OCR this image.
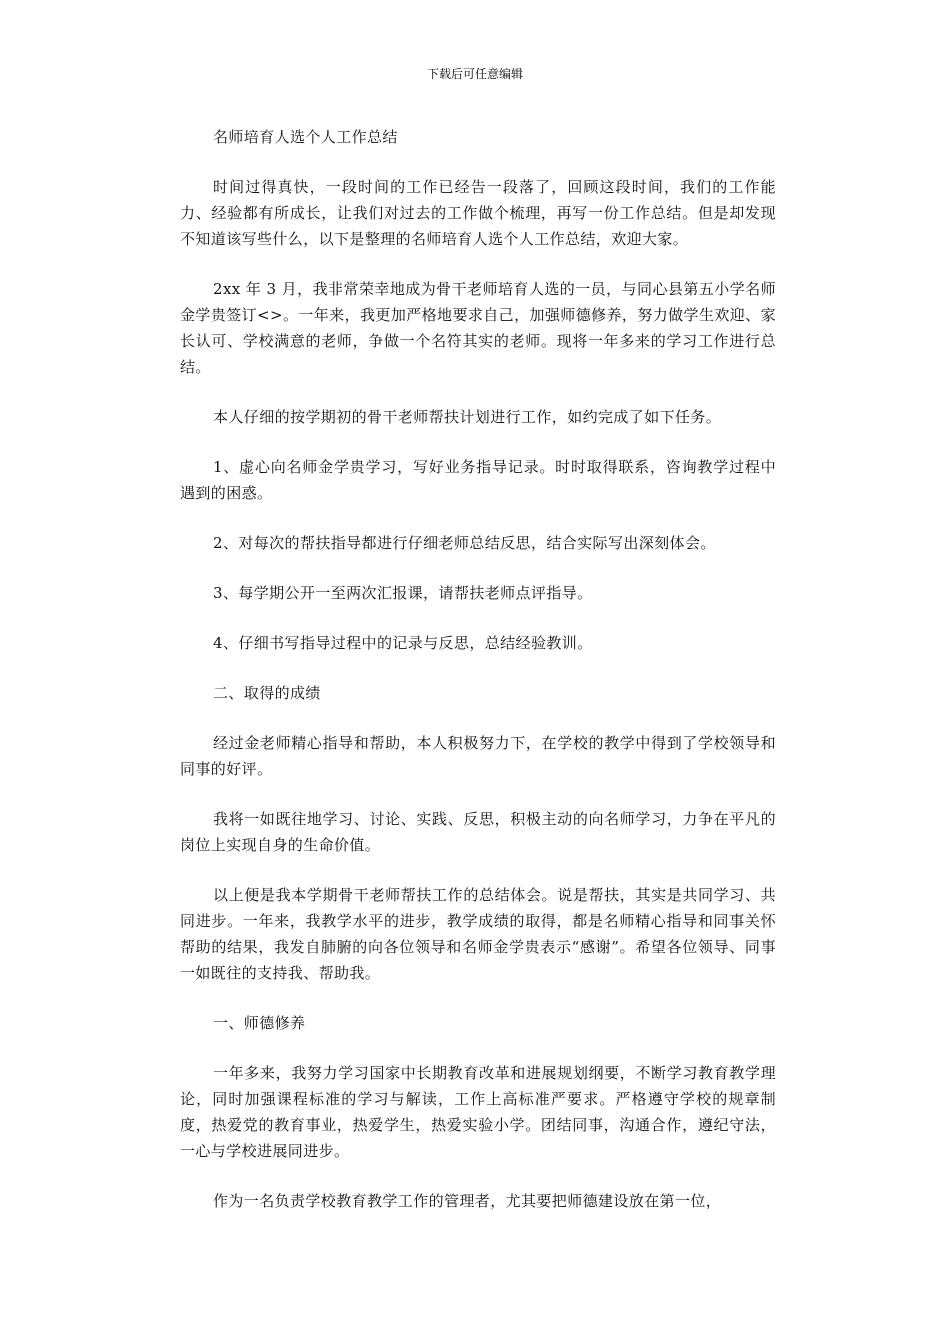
下载后可任意编辑

名师培育人选个人工作总结

时间过得真快，一段时间的工作已经告一段落了，回顾这段时间，我们的工作能力、经验都有所成长，让我们对过去的工作做个梳理，再写一份工作总结。但是却发现不知道该写些什么，以下是整理的名师培育人选个人工作总结，欢迎大家。

2xx 年 3 月，我非常荣幸地成为骨干老师培育人选的一员，与同心县第五小学名师金学贵签订<>。一年来，我更加严格地要求自己，加强师德修养，努力做学生欢迎、家长认可、学校满意的老师，争做一个名符其实的老师。现将一年多来的学习工作进行总结。

本人仔细的按学期初的骨干老师帮扶计划进行工作，如约完成了如下任务。

1、虚心向名师金学贵学习，写好业务指导记录。时时取得联系，咨询教学过程中遇到的困惑。

2、对每次的帮扶指导都进行仔细老师总结反思，结合实际写出深刻体会。

3、每学期公开一至两次汇报课，请帮扶老师点评指导。

4、仔细书写指导过程中的记录与反思，总结经验教训。

二、取得的成绩

经过金老师精心指导和帮助，本人积极努力下，在学校的教学中得到了学校领导和同事的好评。

我将一如既往地学习、讨论、实践、反思，积极主动的向名师学习，力争在平凡的岗位上实现自身的生命价值。

以上便是我本学期骨干老师帮扶工作的总结体会。说是帮扶，其实是共同学习、共同进步。一年来，我教学水平的进步，教学成绩的取得，都是名师精心指导和同事关怀帮助的结果，我发自肺腑的向各位领导和名师金学贵表示“感谢”。希望各位领导、同事一如既往的支持我、帮助我。

一、师德修养

一年多来，我努力学习国家中长期教育改革和进展规划纲要，不断学习教育教学理论，同时加强课程标准的学习与解读，工作上高标准严要求。严格遵守学校的规章制度，热爱党的教育事业，热爱学生，热爱实验小学。团结同事，沟通合作，遵纪守法，一心与学校进展同进步。

作为一名负责学校教育教学工作的管理者，尤其要把师德建设放在第一位，
